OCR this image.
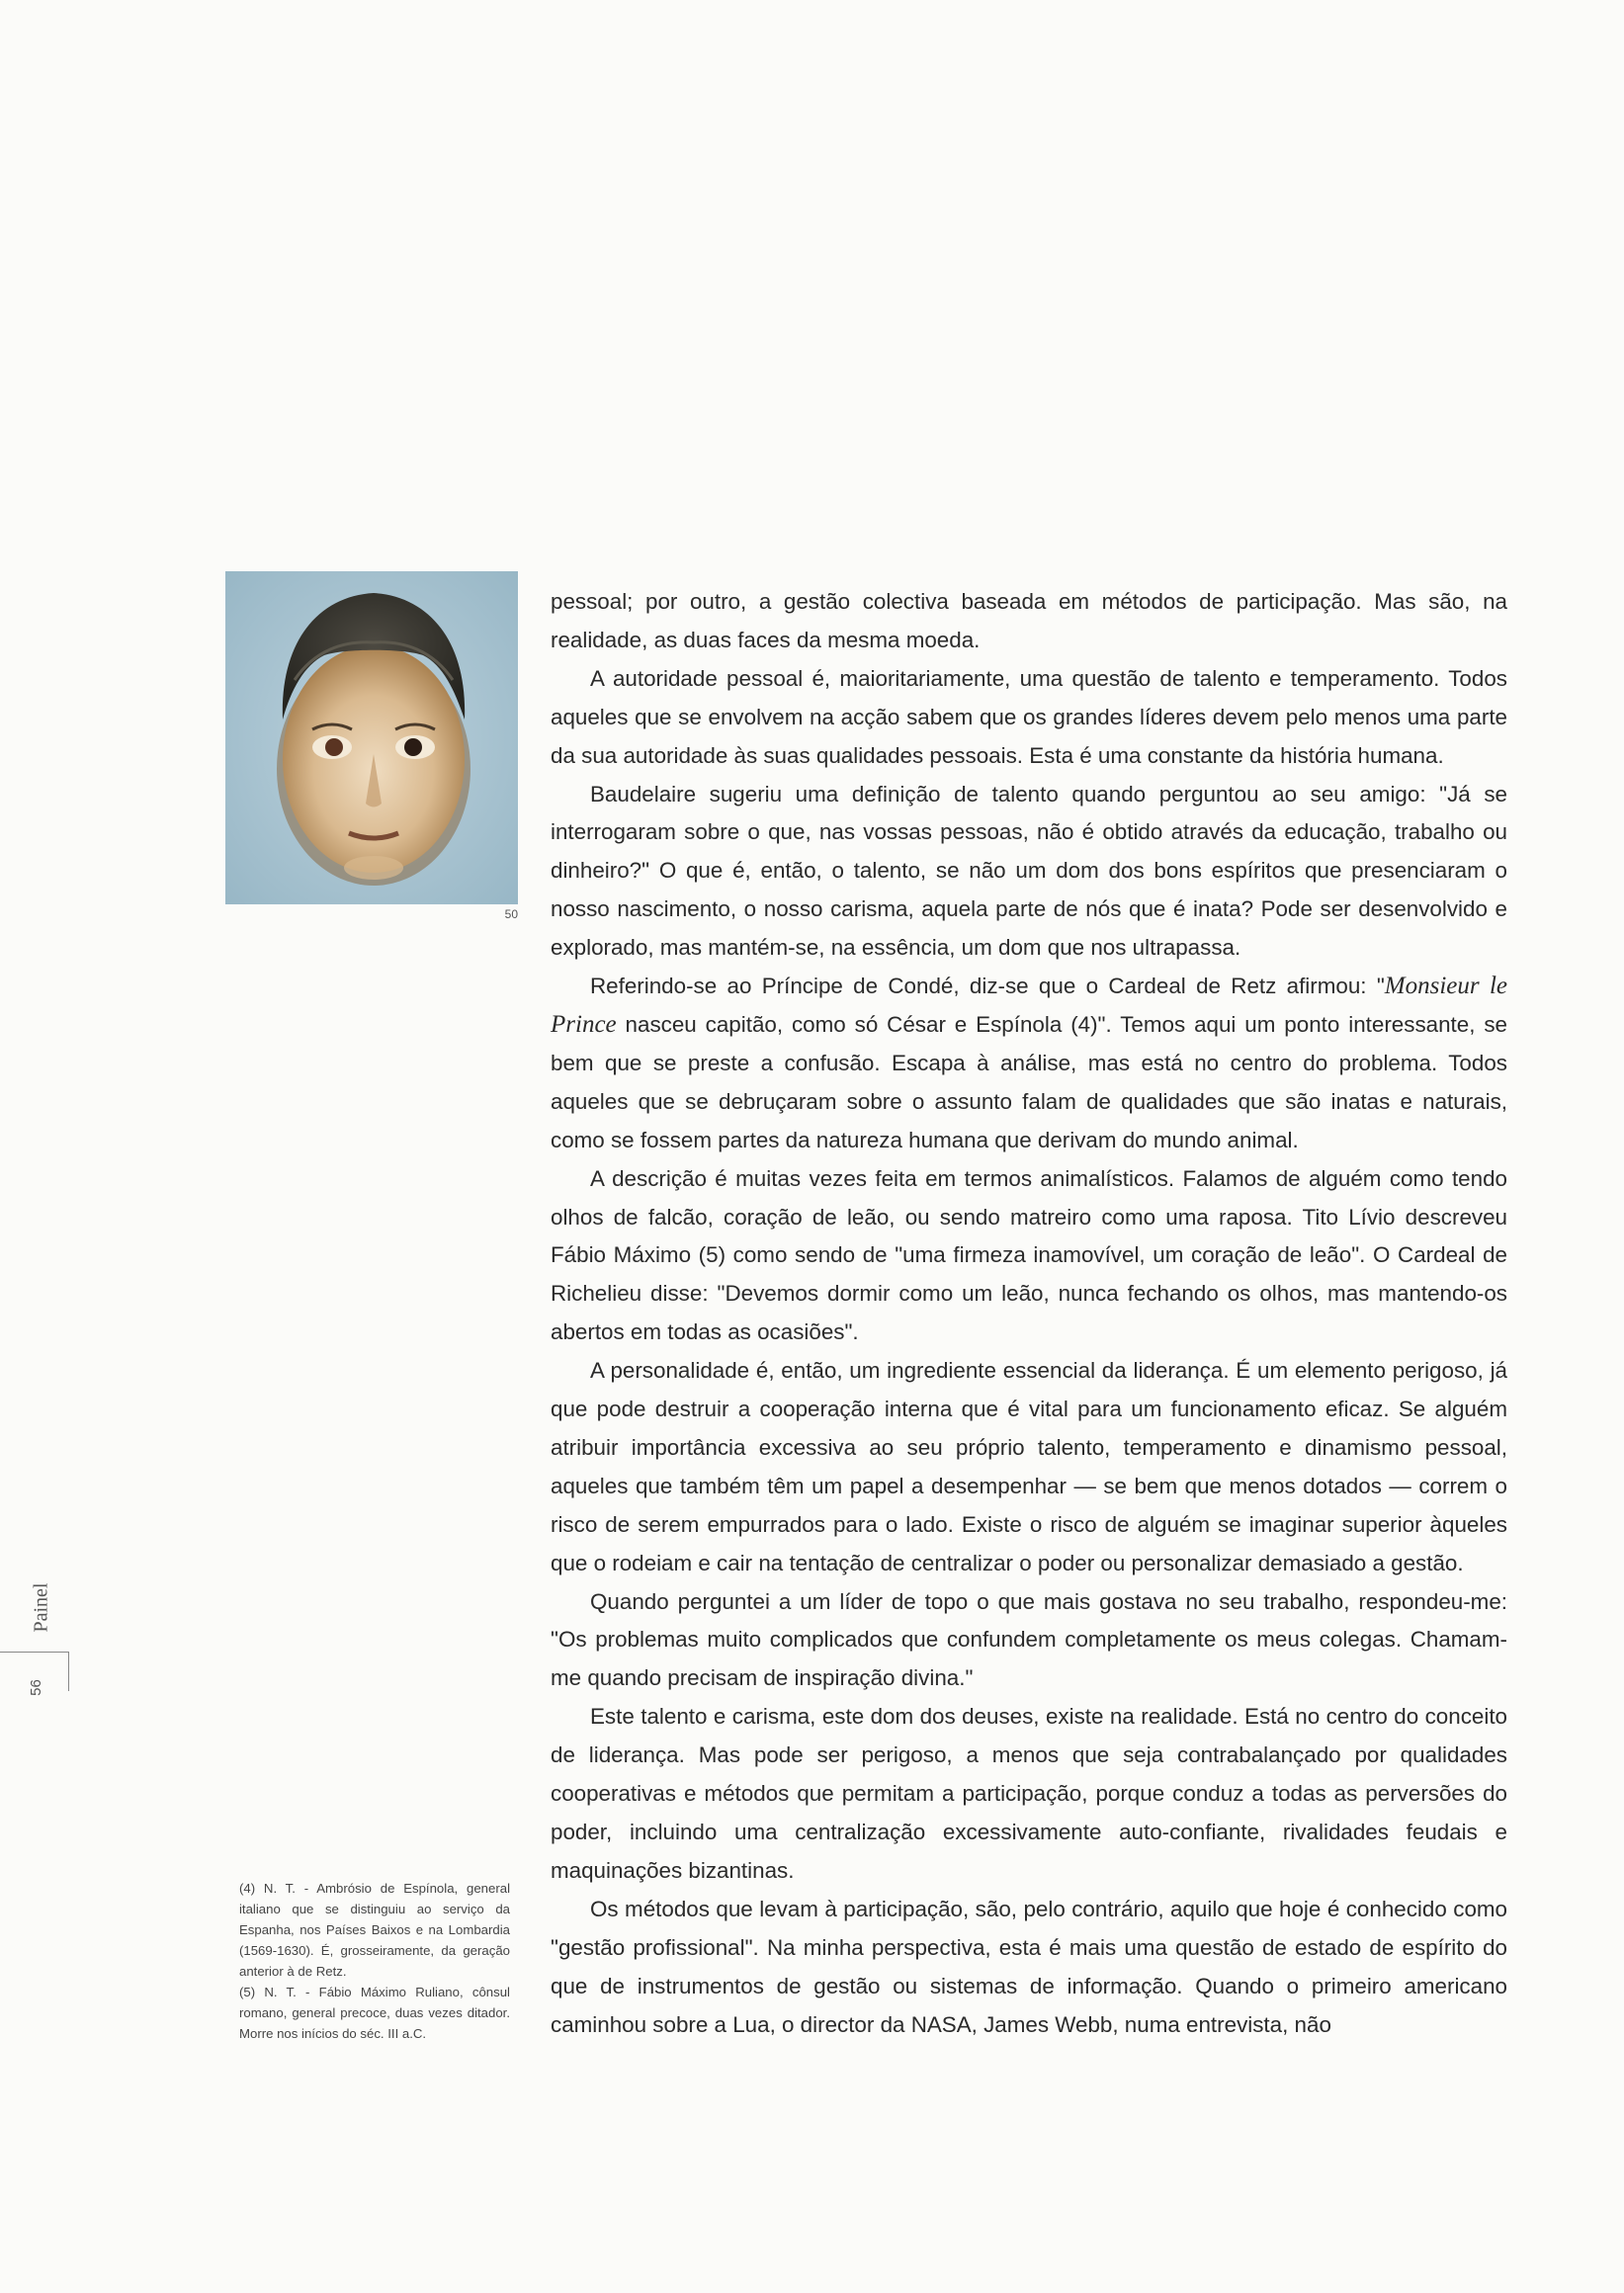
50

pessoal; por outro, a gestão colectiva baseada em métodos de participação. Mas são, na realidade, as duas faces da mesma moeda.

A autoridade pessoal é, maioritariamente, uma questão de talento e temperamento. Todos aqueles que se envolvem na acção sabem que os grandes líderes devem pelo menos uma parte da sua autoridade às suas qualidades pessoais. Esta é uma constante da história humana.

Baudelaire sugeriu uma definição de talento quando perguntou ao seu amigo: "Já se interrogaram sobre o que, nas vossas pessoas, não é obtido através da educação, trabalho ou dinheiro?" O que é, então, o talento, se não um dom dos bons espíritos que presenciaram o nosso nascimento, o nosso carisma, aquela parte de nós que é inata? Pode ser desenvolvido e explorado, mas mantém-se, na essência, um dom que nos ultrapassa.

Referindo-se ao Príncipe de Condé, diz-se que o Cardeal de Retz afirmou: "Monsieur le Prince nasceu capitão, como só César e Espínola (4)". Temos aqui um ponto interessante, se bem que se preste a confusão. Escapa à análise, mas está no centro do problema. Todos aqueles que se debruçaram sobre o assunto falam de qualidades que são inatas e naturais, como se fossem partes da natureza humana que derivam do mundo animal.

A descrição é muitas vezes feita em termos animalísticos. Falamos de alguém como tendo olhos de falcão, coração de leão, ou sendo matreiro como uma raposa. Tito Lívio descreveu Fábio Máximo (5) como sendo de "uma firmeza inamovível, um coração de leão". O Cardeal de Richelieu disse: "Devemos dormir como um leão, nunca fechando os olhos, mas mantendo-os abertos em todas as ocasiões".

A personalidade é, então, um ingrediente essencial da liderança. É um elemento perigoso, já que pode destruir a cooperação interna que é vital para um funcionamento eficaz. Se alguém atribuir importância excessiva ao seu próprio talento, temperamento e dinamismo pessoal, aqueles que também têm um papel a desempenhar — se bem que menos dotados — correm o risco de serem empurrados para o lado. Existe o risco de alguém se imaginar superior àqueles que o rodeiam e cair na tentação de centralizar o poder ou personalizar demasiado a gestão.

Quando perguntei a um líder de topo o que mais gostava no seu trabalho, respondeu-me: "Os problemas muito complicados que confundem completamente os meus colegas. Chamam-me quando precisam de inspiração divina."

Este talento e carisma, este dom dos deuses, existe na realidade. Está no centro do conceito de liderança. Mas pode ser perigoso, a menos que seja contrabalançado por qualidades cooperativas e métodos que permitam a participação, porque conduz a todas as perversões do poder, incluindo uma centralização excessivamente auto-confiante, rivalidades feudais e maquinações bizantinas.

Os métodos que levam à participação, são, pelo contrário, aquilo que hoje é conhecido como "gestão profissional". Na minha perspectiva, esta é mais uma questão de estado de espírito do que de instrumentos de gestão ou sistemas de informação. Quando o primeiro americano caminhou sobre a Lua, o director da NASA, James Webb, numa entrevista, não

(4) N. T. - Ambrósio de Espínola, general italiano que se distinguiu ao serviço da Espanha, nos Países Baixos e na Lombardia (1569-1630). É, grosseiramente, da geração anterior à de Retz.

(5) N. T. - Fábio Máximo Ruliano, cônsul romano, general precoce, duas vezes ditador. Morre nos inícios do séc. III a.C.

Painel
56
